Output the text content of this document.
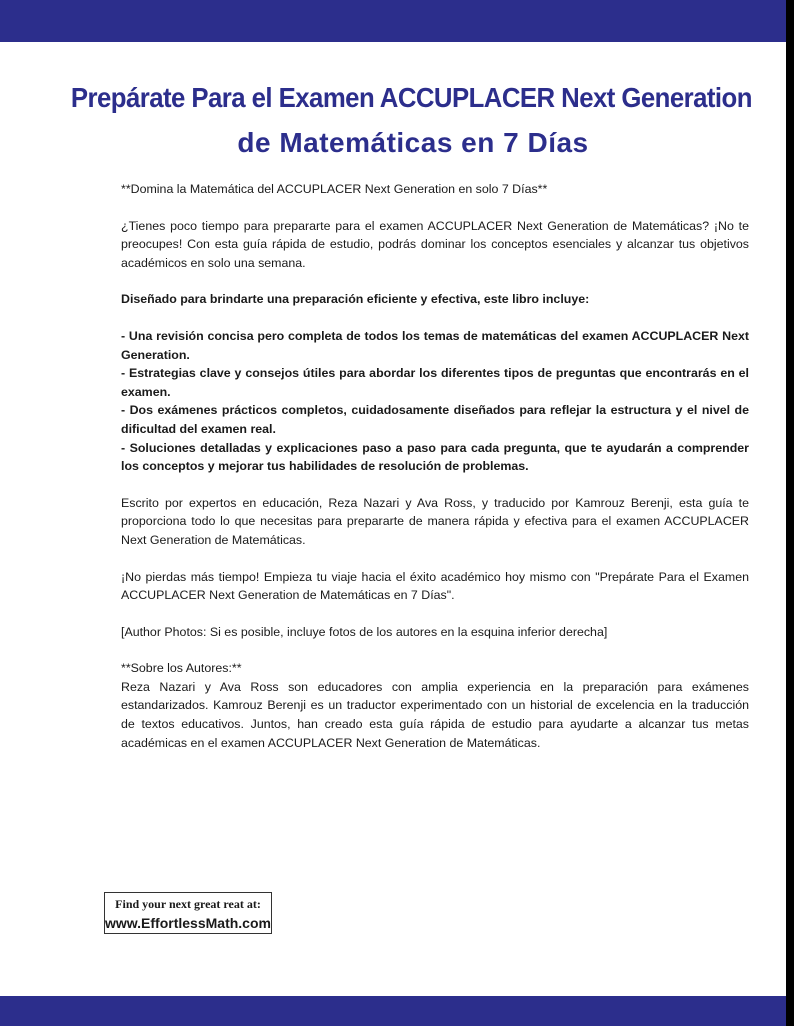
Prepárate Para el Examen ACCUPLACER Next Generation
de Matemáticas en 7 Días

**Domina la Matemática del ACCUPLACER Next Generation en solo 7 Días**

¿Tienes poco tiempo para prepararte para el examen ACCUPLACER Next Generation de Matemáticas? ¡No te preocupes! Con esta guía rápida de estudio, podrás dominar los conceptos esenciales y alcanzar tus objetivos académicos en solo una semana.

Diseñado para brindarte una preparación eficiente y efectiva, este libro incluye:

- Una revisión concisa pero completa de todos los temas de matemáticas del examen ACCUPLACER Next Generation.

- Estrategias clave y consejos útiles para abordar los diferentes tipos de preguntas que encontrarás en el examen.

- Dos exámenes prácticos completos, cuidadosamente diseñados para reflejar la estructura y el nivel de dificultad del examen real.

- Soluciones detalladas y explicaciones paso a paso para cada pregunta, que te ayudarán a comprender los conceptos y mejorar tus habilidades de resolución de problemas.

Escrito por expertos en educación, Reza Nazari y Ava Ross, y traducido por Kamrouz Berenji, esta guía te proporciona todo lo que necesitas para prepararte de manera rápida y efectiva para el examen ACCUPLACER Next Generation de Matemáticas.

¡No pierdas más tiempo! Empieza tu viaje hacia el éxito académico hoy mismo con "Prepárate Para el Examen ACCUPLACER Next Generation de Matemáticas en 7 Días".

[Author Photos: Si es posible, incluye fotos de los autores en la esquina inferior derecha]

**Sobre los Autores:**

Reza Nazari y Ava Ross son educadores con amplia experiencia en la preparación para exámenes estandarizados. Kamrouz Berenji es un traductor experimentado con un historial de excelencia en la traducción de textos educativos. Juntos, han creado esta guía rápida de estudio para ayudarte a alcanzar tus metas académicas en el examen ACCUPLACER Next Generation de Matemáticas.

Find your next great reat at:
www.EffortlessMath.com
